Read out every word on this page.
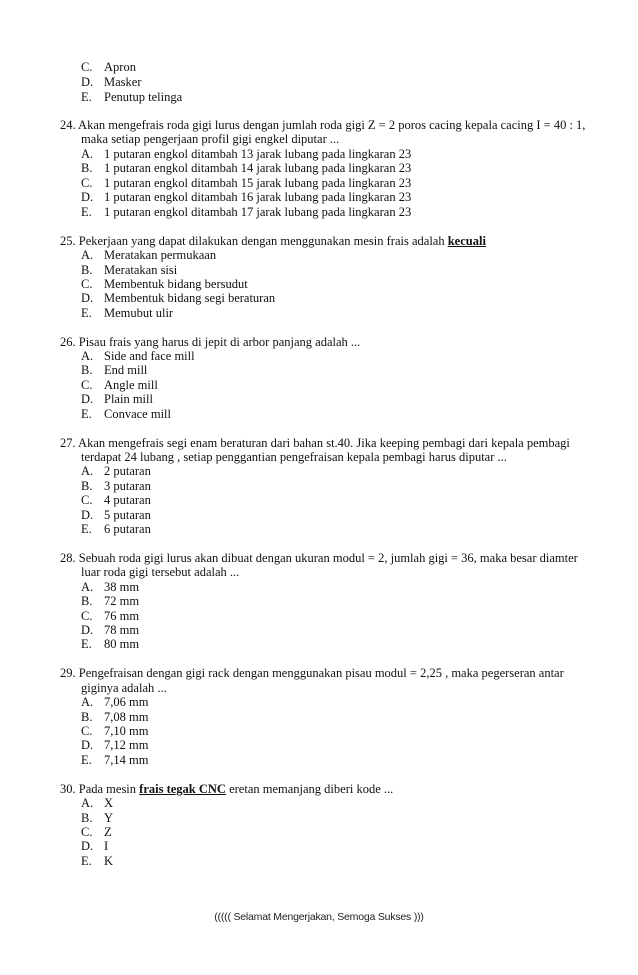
C. Apron
D. Masker
E. Penutup telinga
24. Akan mengefrais roda gigi lurus dengan jumlah roda gigi Z = 2 poros cacing kepala cacing I = 40 : 1,
maka setiap pengerjaan profil gigi engkel diputar ...
A. 1 putaran engkol ditambah 13 jarak lubang pada lingkaran 23
B. 1 putaran engkol ditambah 14 jarak lubang pada lingkaran 23
C. 1 putaran engkol ditambah 15 jarak lubang pada lingkaran 23
D. 1 putaran engkol ditambah 16 jarak lubang pada lingkaran 23
E. 1 putaran engkol ditambah 17 jarak lubang pada lingkaran 23
25. Pekerjaan yang dapat dilakukan dengan menggunakan mesin frais adalah kecuali
A. Meratakan permukaan
B. Meratakan sisi
C. Membentuk bidang bersudut
D. Membentuk bidang segi beraturan
E. Memubut ulir
26. Pisau frais yang harus di jepit di arbor panjang adalah ...
A. Side and face mill
B. End mill
C. Angle mill
D. Plain mill
E. Convace mill
27. Akan mengefrais segi enam beraturan dari bahan st.40. Jika keeping pembagi dari kepala pembagi
terdapat 24 lubang , setiap penggantian pengefraisan kepala pembagi harus diputar ...
A. 2 putaran
B. 3 putaran
C. 4 putaran
D. 5 putaran
E. 6 putaran
28. Sebuah roda gigi lurus akan dibuat dengan ukuran modul = 2, jumlah gigi = 36, maka besar diamter
luar roda gigi tersebut adalah ...
A. 38 mm
B. 72 mm
C. 76 mm
D. 78 mm
E. 80 mm
29. Pengefraisan dengan gigi rack dengan menggunakan pisau modul = 2,25 , maka pegerseran antar
giginya adalah ...
A. 7,06 mm
B. 7,08 mm
C. 7,10 mm
D. 7,12 mm
E. 7,14 mm
30. Pada mesin frais tegak CNC eretan memanjang diberi kode ...
A. X
B. Y
C. Z
D. I
E. K
((((( Selamat Mengerjakan, Semoga Sukses )))
